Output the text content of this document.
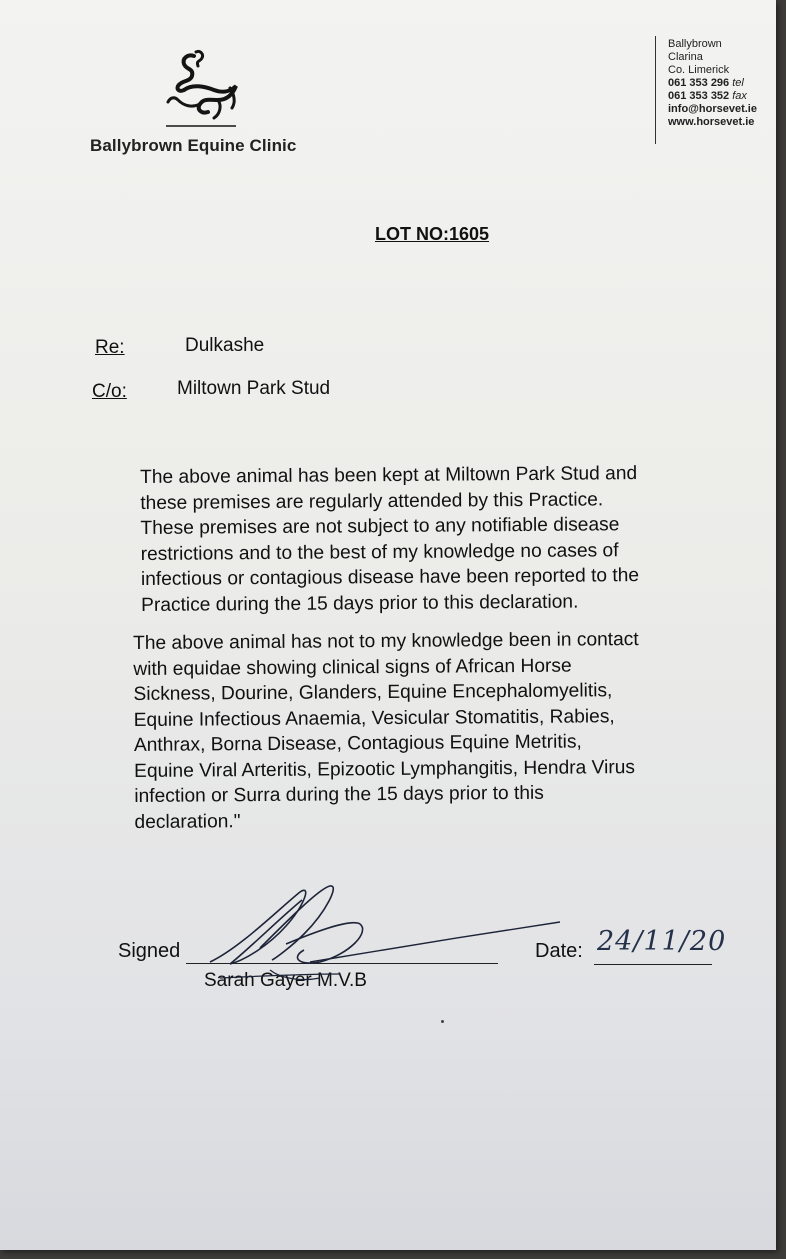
Ballybrown Equine Clinic
Ballybrown
Clarina
Co. Limerick
061 353 296 tel
061 353 352 fax
info@horsevet.ie
www.horsevet.ie
LOT NO:1605
Re:	Dulkashe
C/o:	Miltown Park Stud
The above animal has been kept at Miltown Park Stud and
these premises are regularly attended by this Practice.
These premises are not subject to any notifiable disease
restrictions and to the best of my knowledge no cases of
infectious or contagious disease have been reported to the
Practice during the 15 days prior to this declaration.
The above animal has not to my knowledge been in contact
with equidae showing clinical signs of African Horse
Sickness, Dourine, Glanders, Equine Encephalomyelitis,
Equine Infectious Anaemia, Vesicular Stomatitis, Rabies,
Anthrax, Borna Disease, Contagious Equine Metritis,
Equine Viral Arteritis, Epizootic Lymphangitis, Hendra Virus
infection or Surra during the 15 days prior to this
declaration."
Signed
Sarah Gayer M.V.B
Date: 24/11/20
